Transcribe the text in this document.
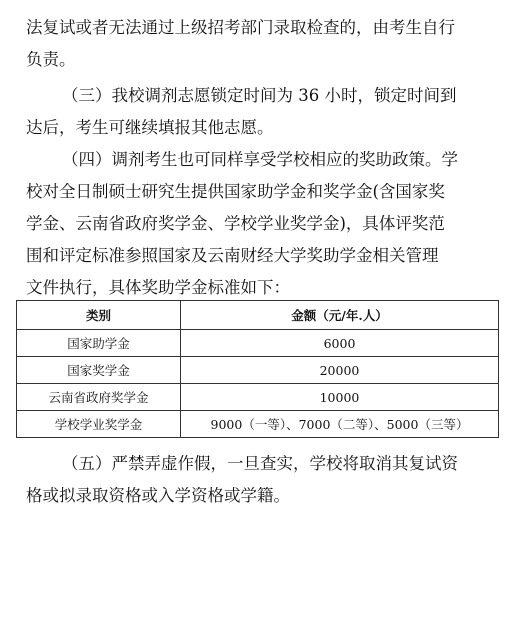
法复试或者无法通过上级招考部门录取检查的，由考生自行
负责。

（三）我校调剂志愿锁定时间为 36 小时，锁定时间到
达后，考生可继续填报其他志愿。

（四）调剂考生也可同样享受学校相应的奖助政策。学
校对全日制硕士研究生提供国家助学金和奖学金(含国家奖
学金、云南省政府奖学金、学校学业奖学金)，具体评奖范
围和评定标准参照国家及云南财经大学奖助学金相关管理
文件执行，具体奖助学金标准如下：

类别	金额（元/年.人）
国家助学金	6000
国家奖学金	20000
云南省政府奖学金	10000
学校学业奖学金	9000（一等）、7000（二等）、5000（三等）

（五）严禁弄虚作假，一旦查实，学校将取消其复试资
格或拟录取资格或入学资格或学籍。
